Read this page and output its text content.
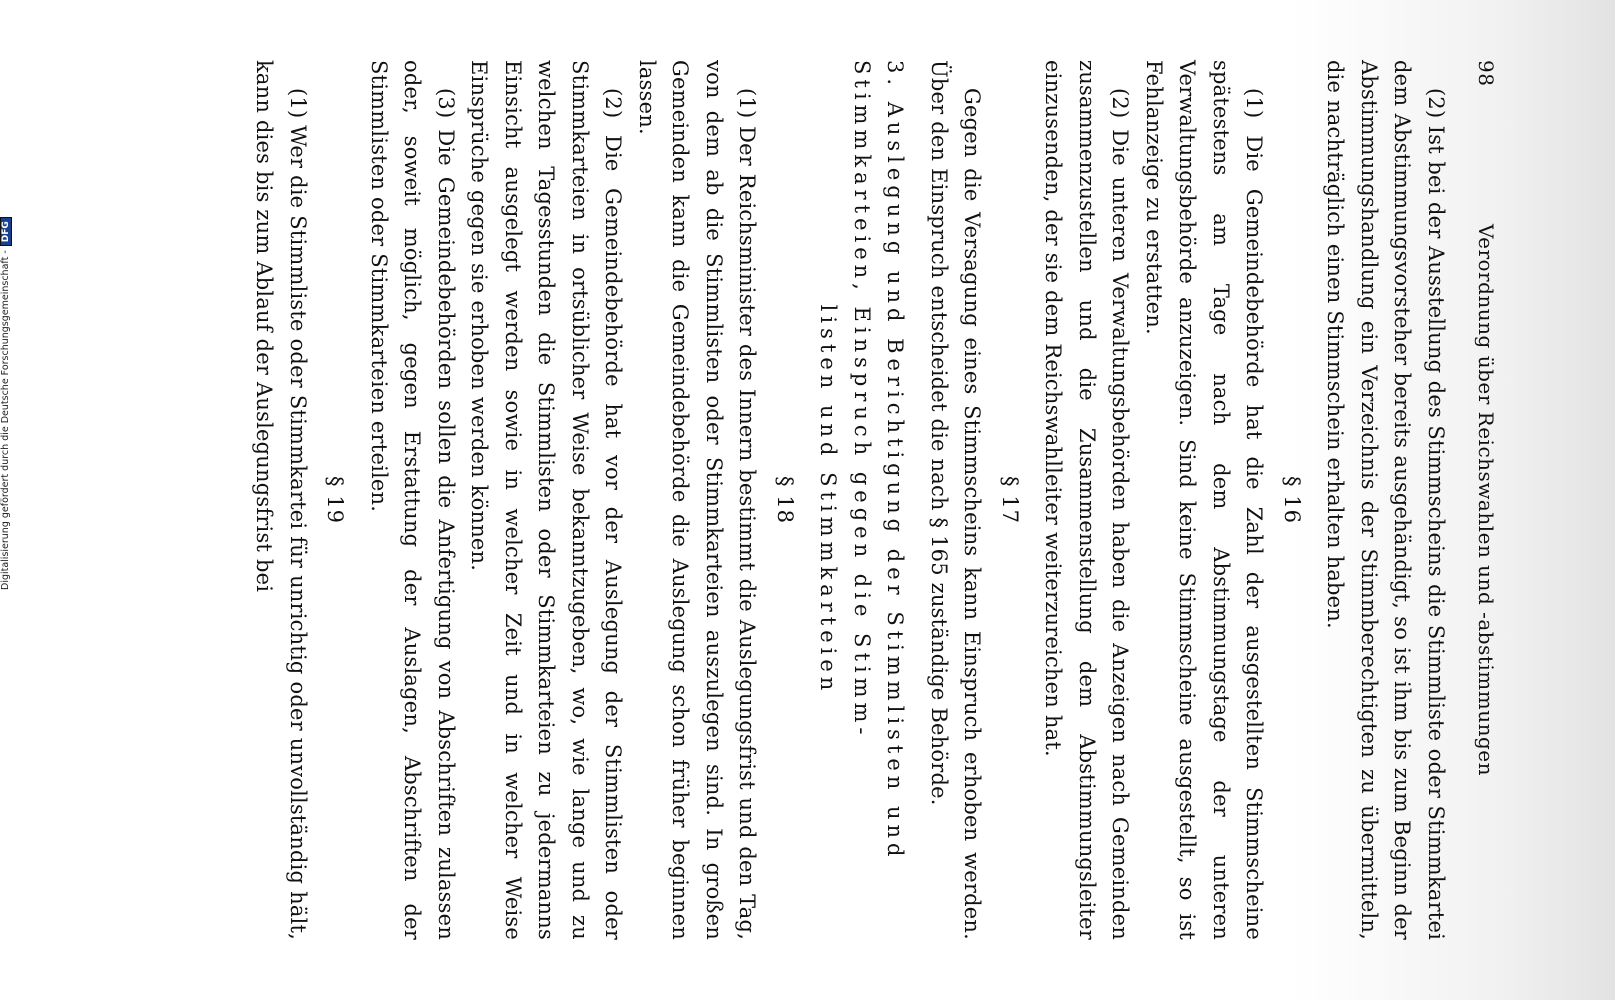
98
Verordnung über Reichswahlen und -abstimmungen

(2) Ist bei der Ausstellung des Stimmscheins die Stimmliste oder Stimmkartei dem Abstimmungsvorsteher bereits ausgehändigt, so ist ihm bis zum Beginn der Abstimmungshandlung ein Verzeichnis der Stimmberechtigten zu übermitteln, die nachträglich einen Stimmschein erhalten haben.

§ 16

(1) Die Gemeindebehörde hat die Zahl der ausgestellten Stimmscheine spätestens am Tage nach dem Abstimmungstage der unteren Verwaltungsbehörde anzuzeigen. Sind keine Stimmscheine ausgestellt, so ist Fehlanzeige zu erstatten.

(2) Die unteren Verwaltungsbehörden haben die Anzeigen nach Gemeinden zusammenzustellen und die Zusammenstellung dem Abstimmungsleiter einzusenden, der sie dem Reichswahlleiter weiterzureichen hat.

§ 17

Gegen die Versagung eines Stimmscheins kann Einspruch erhoben werden. Über den Einspruch entscheidet die nach § 165 zuständige Behörde.

3. Auslegung und Berichtigung der Stimmlisten und Stimmkarteien, Einspruch gegen die Stimm-
listen und Stimmkarteien

§ 18

(1) Der Reichsminister des Innern bestimmt die Auslegungsfrist und den Tag, von dem ab die Stimmlisten oder Stimmkarteien auszulegen sind. In großen Gemeinden kann die Gemeindebehörde die Auslegung schon früher beginnen lassen.

(2) Die Gemeindebehörde hat vor der Auslegung der Stimmlisten oder Stimmkarteien in ortsüblicher Weise bekanntzugeben, wo, wie lange und zu welchen Tagesstunden die Stimmlisten oder Stimmkarteien zu jedermanns Einsicht ausgelegt werden sowie in welcher Zeit und in welcher Weise Einsprüche gegen sie erhoben werden können.

(3) Die Gemeindebehörden sollen die Anfertigung von Abschriften zulassen oder, soweit möglich, gegen Erstattung der Auslagen, Abschriften der Stimmlisten oder Stimmkarteien erteilen.

§ 19

(1) Wer die Stimmliste oder Stimmkartei für unrichtig oder unvollständig hält, kann dies bis zum Ablauf der Auslegungsfrist bei

Digitalisierung gefördert durch die Deutsche Forschungsgemeinschaft -DFG
